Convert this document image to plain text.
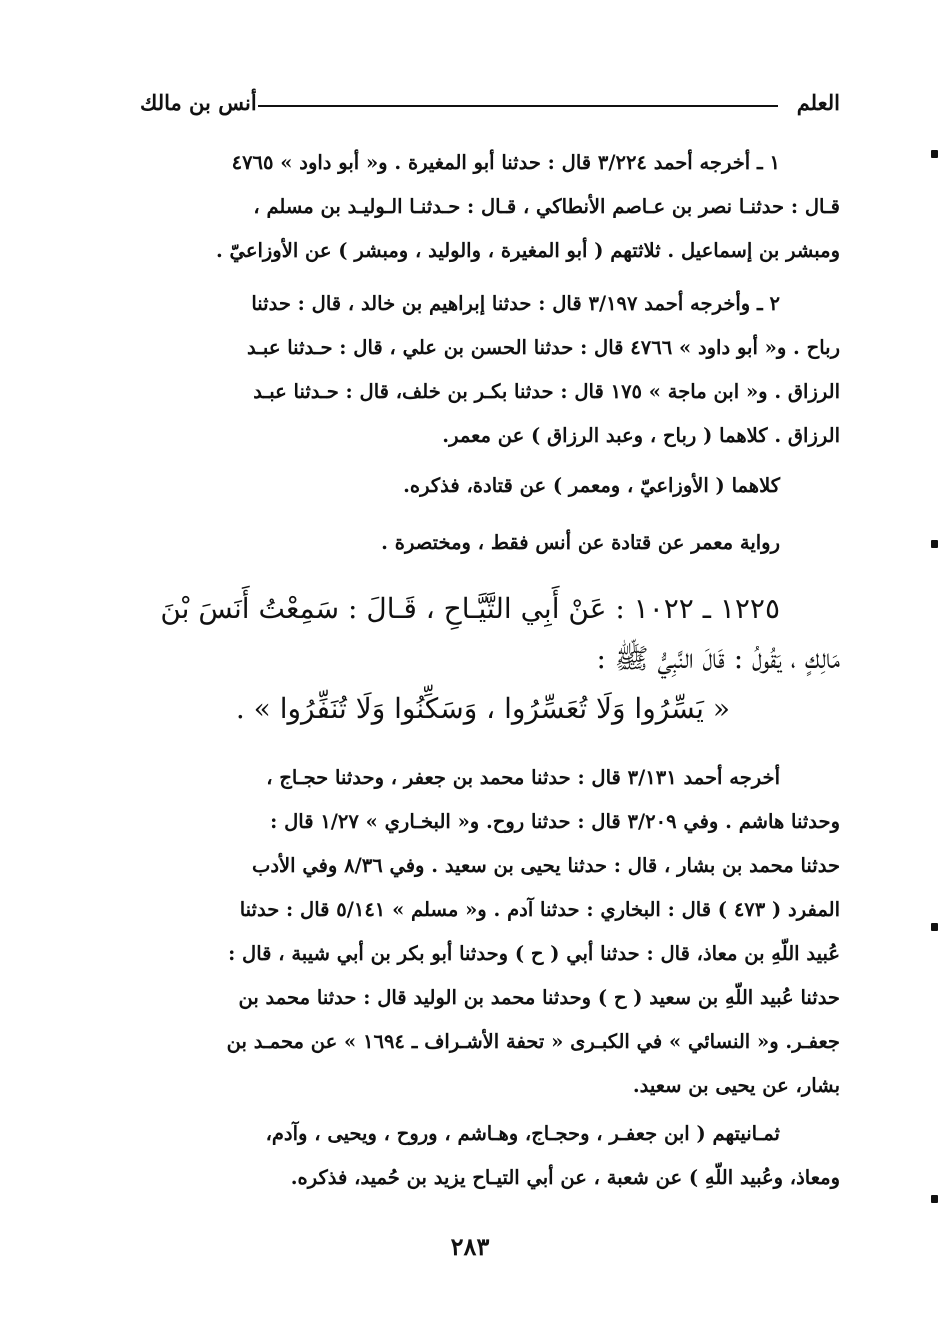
العلم
أنس بن مالك
١ ـ أخرجه أحمد ٣/٢٢٤ قال : حدثنا أبو المغيرة . و« أبو داود » ٤٧٦٥
قـال : حدثنـا نصر بن عـاصم الأنطاكي ، قـال : حـدثنـا الـوليـد بن مسلم ،
ومبشر بن إسماعيل . ثلاثتهم ( أبو المغيرة ، والوليد ، ومبشر ) عن الأوزاعيّ .
٢ ـ وأخرجه أحمد ٣/١٩٧ قال : حدثنا إبراهيم بن خالد ، قال : حدثنا
رباح . و« أبو داود » ٤٧٦٦ قال : حدثنا الحسن بن علي ، قال : حـدثنا عبـد
الرزاق . و« ابن ماجة » ١٧٥ قال : حدثنا بكـر بن خلف، قال : حـدثنا عبـد
الرزاق . كلاهما ( رباح ، وعبد الرزاق ) عن معمر.
كلاهما ( الأوزاعيّ ، ومعمر ) عن قتادة، فذكره.
رواية معمر عن قتادة عن أنس فقط ، ومختصرة .
١٢٢٥ ـ ١٠٢٢ : عَنْ أَبِي التَّيَّـاحِ ، قَـالَ : سَمِعْتُ أَنَسَ بْنَ
مَالِكٍ ، يَقُولُ : قَالَ النَّبِيُّ ﷺ :
« يَسِّرُوا وَلَا تُعَسِّرُوا ، وَسَكِّنُوا وَلَا تُنَفِّرُوا » .
أخرجه أحمد ٣/١٣١ قال : حدثنا محمد بن جعفر ، وحدثنا حجـاج ،
وحدثنا هاشم . وفي ٣/٢٠٩ قال : حدثنا روح. و« البخـاري » ١/٢٧ قال :
حدثنا محمد بن بشار ، قال : حدثنا يحيى بن سعيد . وفي ٨/٣٦ وفي الأدب
المفرد ( ٤٧٣ ) قال : البخاري : حدثنا آدم . و« مسلم » ٥/١٤١ قال : حدثنا
عُبيد اللّهِ بن معاذ، قال : حدثنا أبي ( ح ) وحدثنا أبو بكر بن أبي شيبة ، قال :
حدثنا عُبيد اللّهِ بن سعيد ( ح ) وحدثنا محمد بن الوليد قال : حدثنا محمد بن
جعفـر. و« النسائي » في الكبـرى « تحفة الأشـراف ـ ١٦٩٤ » عن محمـد بن
بشار، عن يحيى بن سعيد.
ثمـانيتهم ( ابن جعفـر ، وحجـاج، وهـاشم ، وروح ، ويحيى ، وآدم،
ومعاذ، وعُبيد اللّهِ ) عن شعبة ، عن أبي التيـاح يزيد بن حُميد، فذكره.
٢٨٣
